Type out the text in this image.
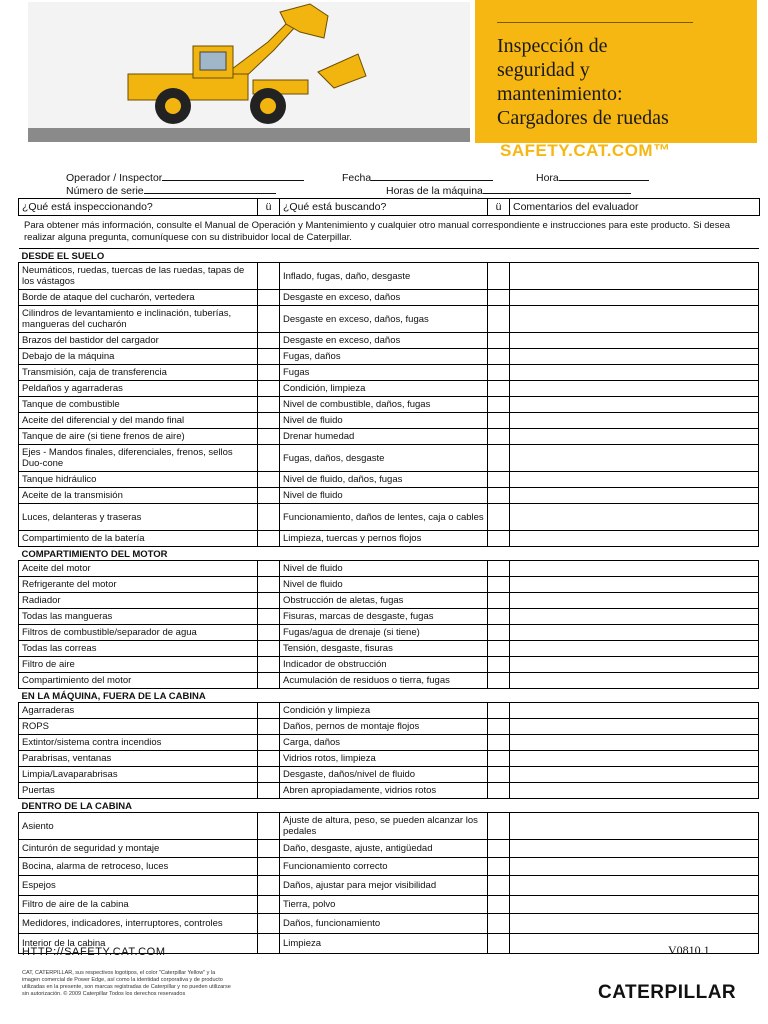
Inspección de
seguridad y
mantenimiento:
Cargadores de ruedas
SAFETY.CAT.COM™
Operador / Inspector	Fecha	Hora
Número de serie	Horas de la máquina
¿Qué está inspeccionando?	ü	¿Qué está buscando?	ü	Comentarios del evaluador
Para obtener más información, consulte el Manual de Operación y Mantenimiento y cualquier otro manual correspondiente e instrucciones para este producto. Si desea realizar alguna pregunta, comuníquese con su distribuidor local de Caterpillar.
DESDE EL SUELO				
Neumáticos, ruedas, tuercas de las ruedas, tapas de los vástagos		Inflado, fugas, daño, desgaste		
Borde de ataque del cucharón, vertedera		Desgaste en exceso, daños		
Cilindros de levantamiento e inclinación, tuberías, mangueras del cucharón		Desgaste en exceso, daños, fugas		
Brazos del bastidor del cargador		Desgaste en exceso, daños		
Debajo de la máquina		Fugas, daños		
Transmisión, caja de transferencia		Fugas		
Peldaños y agarraderas		Condición, limpieza		
Tanque de combustible		Nivel de combustible, daños, fugas		
Aceite del diferencial y del mando final		Nivel de fluido		
Tanque de aire (si tiene frenos de aire)		Drenar humedad		
Ejes - Mandos finales, diferenciales, frenos, sellos Duo-cone		Fugas, daños, desgaste		
Tanque hidráulico		Nivel de fluido, daños, fugas		
Aceite de la transmisión		Nivel de fluido		
Luces, delanteras y traseras		Funcionamiento, daños de lentes, caja o cables		
Compartimiento de la batería		Limpieza, tuercas y pernos flojos		
COMPARTIMIENTO DEL MOTOR				
Aceite del motor		Nivel de fluido		
Refrigerante del motor		Nivel de fluido		
Radiador		Obstrucción de aletas, fugas		
Todas las mangueras		Fisuras, marcas de desgaste, fugas		
Filtros de combustible/separador de agua		Fugas/agua de drenaje (si tiene)		
Todas las correas		Tensión, desgaste, fisuras		
Filtro de aire		Indicador de obstrucción		
Compartimiento del motor		Acumulación de residuos o tierra, fugas		
EN LA MÁQUINA, FUERA DE LA CABINA				
Agarraderas		Condición y limpieza		
ROPS		Daños, pernos de montaje flojos		
Extintor/sistema contra incendios		Carga, daños		
Parabrisas, ventanas		Vidrios rotos, limpieza		
Limpia/Lavaparabrisas		Desgaste, daños/nivel de fluido		
Puertas		Abren apropiadamente, vidrios rotos		
DENTRO DE LA CABINA				
Asiento		Ajuste de altura, peso, se pueden alcanzar los pedales		
Cinturón de seguridad y montaje		Daño, desgaste, ajuste, antigüedad		
Bocina, alarma de retroceso, luces		Funcionamiento correcto		
Espejos		Daños, ajustar para mejor visibilidad		
Filtro de aire de la cabina		Tierra, polvo		
Medidores, indicadores, interruptores, controles		Daños, funcionamiento		
Interior de la cabina		Limpieza		
HTTP://SAFETY.CAT.COM	V0810.1
CAT, CATERPILLAR, sus respectivos logotipos, el color "Caterpillar Yellow" y la imagen comercial de Power Edge, así como la identidad corporativa y de producto utilizadas en la presente, son marcas registradas de Caterpillar y no pueden utilizarse sin autorización. © 2009 Caterpillar Todos los derechos reservados	CATERPILLAR
